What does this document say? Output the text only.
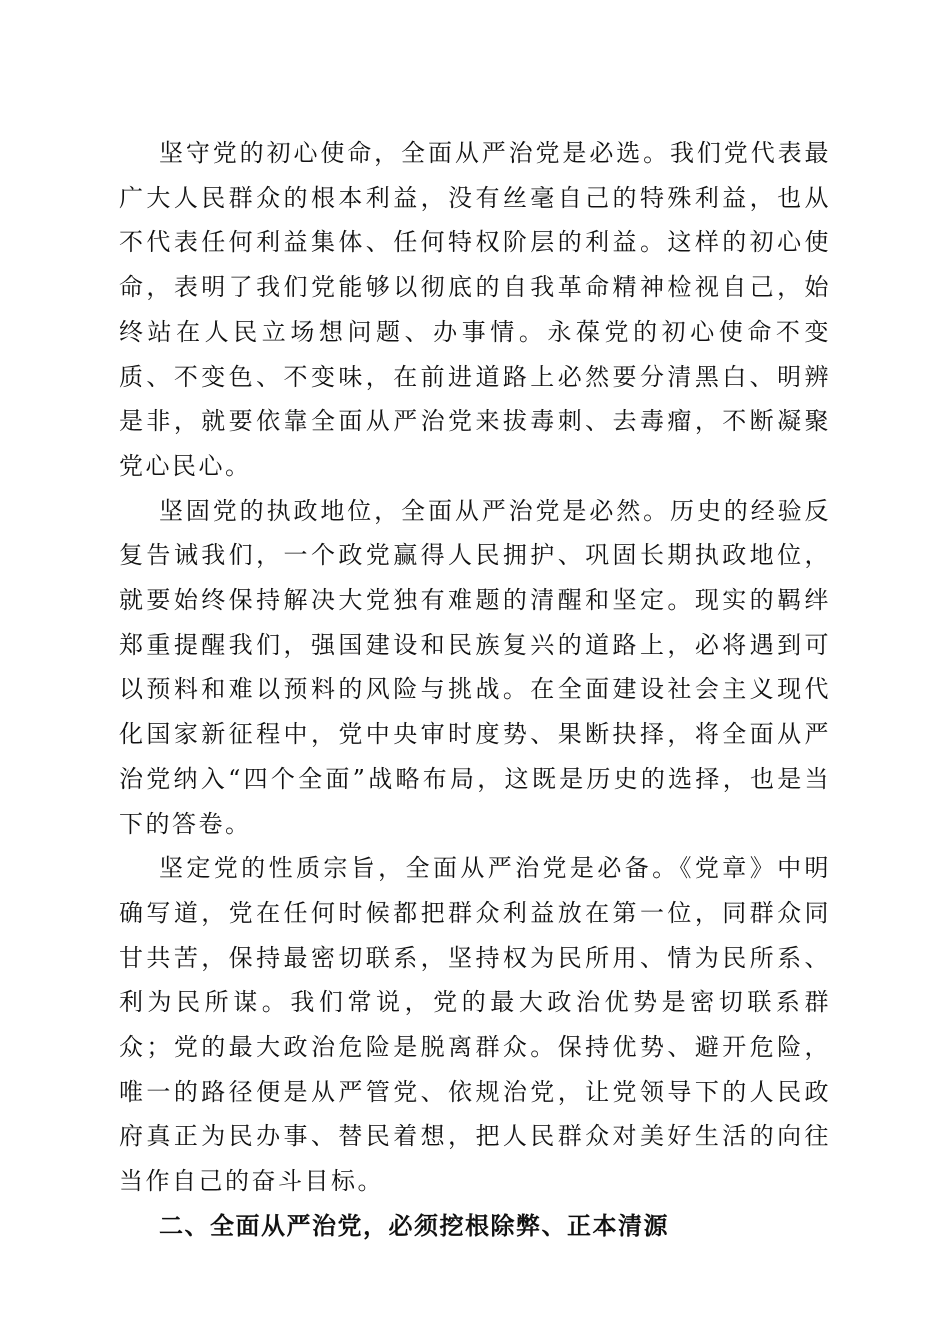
坚守党的初心使命，全面从严治党是必选。我们党代表最广大人民群众的根本利益，没有丝毫自己的特殊利益，也从不代表任何利益集体、任何特权阶层的利益。这样的初心使命，表明了我们党能够以彻底的自我革命精神检视自己，始终站在人民立场想问题、办事情。永葆党的初心使命不变质、不变色、不变味，在前进道路上必然要分清黑白、明辨是非，就要依靠全面从严治党来拔毒刺、去毒瘤，不断凝聚党心民心。

坚固党的执政地位，全面从严治党是必然。历史的经验反复告诫我们，一个政党赢得人民拥护、巩固长期执政地位，就要始终保持解决大党独有难题的清醒和坚定。现实的羁绊郑重提醒我们，强国建设和民族复兴的道路上，必将遇到可以预料和难以预料的风险与挑战。在全面建设社会主义现代化国家新征程中，党中央审时度势、果断抉择，将全面从严治党纳入“四个全面”战略布局，这既是历史的选择，也是当下的答卷。

坚定党的性质宗旨，全面从严治党是必备。《党章》中明确写道，党在任何时候都把群众利益放在第一位，同群众同甘共苦，保持最密切联系，坚持权为民所用、情为民所系、利为民所谋。我们常说，党的最大政治优势是密切联系群众；党的最大政治危险是脱离群众。保持优势、避开危险，唯一的路径便是从严管党、依规治党，让党领导下的人民政府真正为民办事、替民着想，把人民群众对美好生活的向往当作自己的奋斗目标。

二、全面从严治党，必须挖根除弊、正本清源
